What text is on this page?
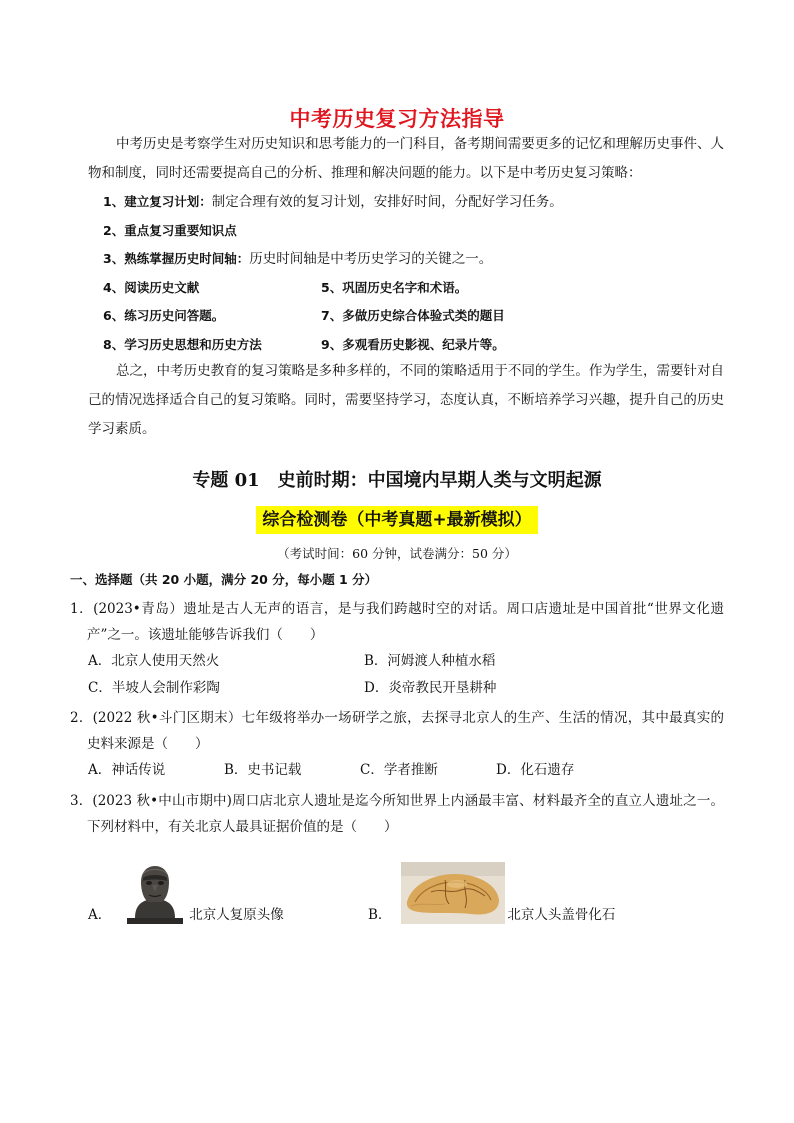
中考历史复习方法指导
中考历史是考察学生对历史知识和思考能力的一门科目，备考期间需要更多的记忆和理解历史事件、人物和制度，同时还需要提高自己的分析、推理和解决问题的能力。以下是中考历史复习策略：
1、建立复习计划：制定合理有效的复习计划，安排好时间，分配好学习任务。
2、重点复习重要知识点
3、熟练掌握历史时间轴：历史时间轴是中考历史学习的关键之一。
4、阅读历史文献	5、巩固历史名字和术语。
6、练习历史问答题。	7、多做历史综合体验式类的题目
8、学习历史思想和历史方法	9、多观看历史影视、纪录片等。
总之，中考历史教育的复习策略是多种多样的，不同的策略适用于不同的学生。作为学生，需要针对自己的情况选择适合自己的复习策略。同时，需要坚持学习，态度认真，不断培养学习兴趣，提升自己的历史学习素质。
专题 01　史前时期：中国境内早期人类与文明起源
综合检测卷（中考真题+最新模拟）
（考试时间：60 分钟，试卷满分：50 分）
一、选择题（共 20 小题，满分 20 分，每小题 1 分）
1．(2023•青岛）遗址是古人无声的语言，是与我们跨越时空的对话。周口店遗址是中国首批“世界文化遗产”之一。该遗址能够告诉我们（　　）
A．北京人使用天然火	B．河姆渡人种植水稻
C．半坡人会制作彩陶	D．炎帝教民开垦耕种
2．(2022 秋•斗门区期末）七年级将举办一场研学之旅，去探寻北京人的生产、生活的情况，其中最真实的史料来源是（　　）
A．神话传说	B．史书记载	C．学者推断	D．化石遗存
3．(2023 秋•中山市期中)周口店北京人遗址是迄今所知世界上内涵最丰富、材料最齐全的直立人遗址之一。下列材料中，有关北京人最具证据价值的是（　　）
A．	北京人复原头像	B．	北京人头盖骨化石
